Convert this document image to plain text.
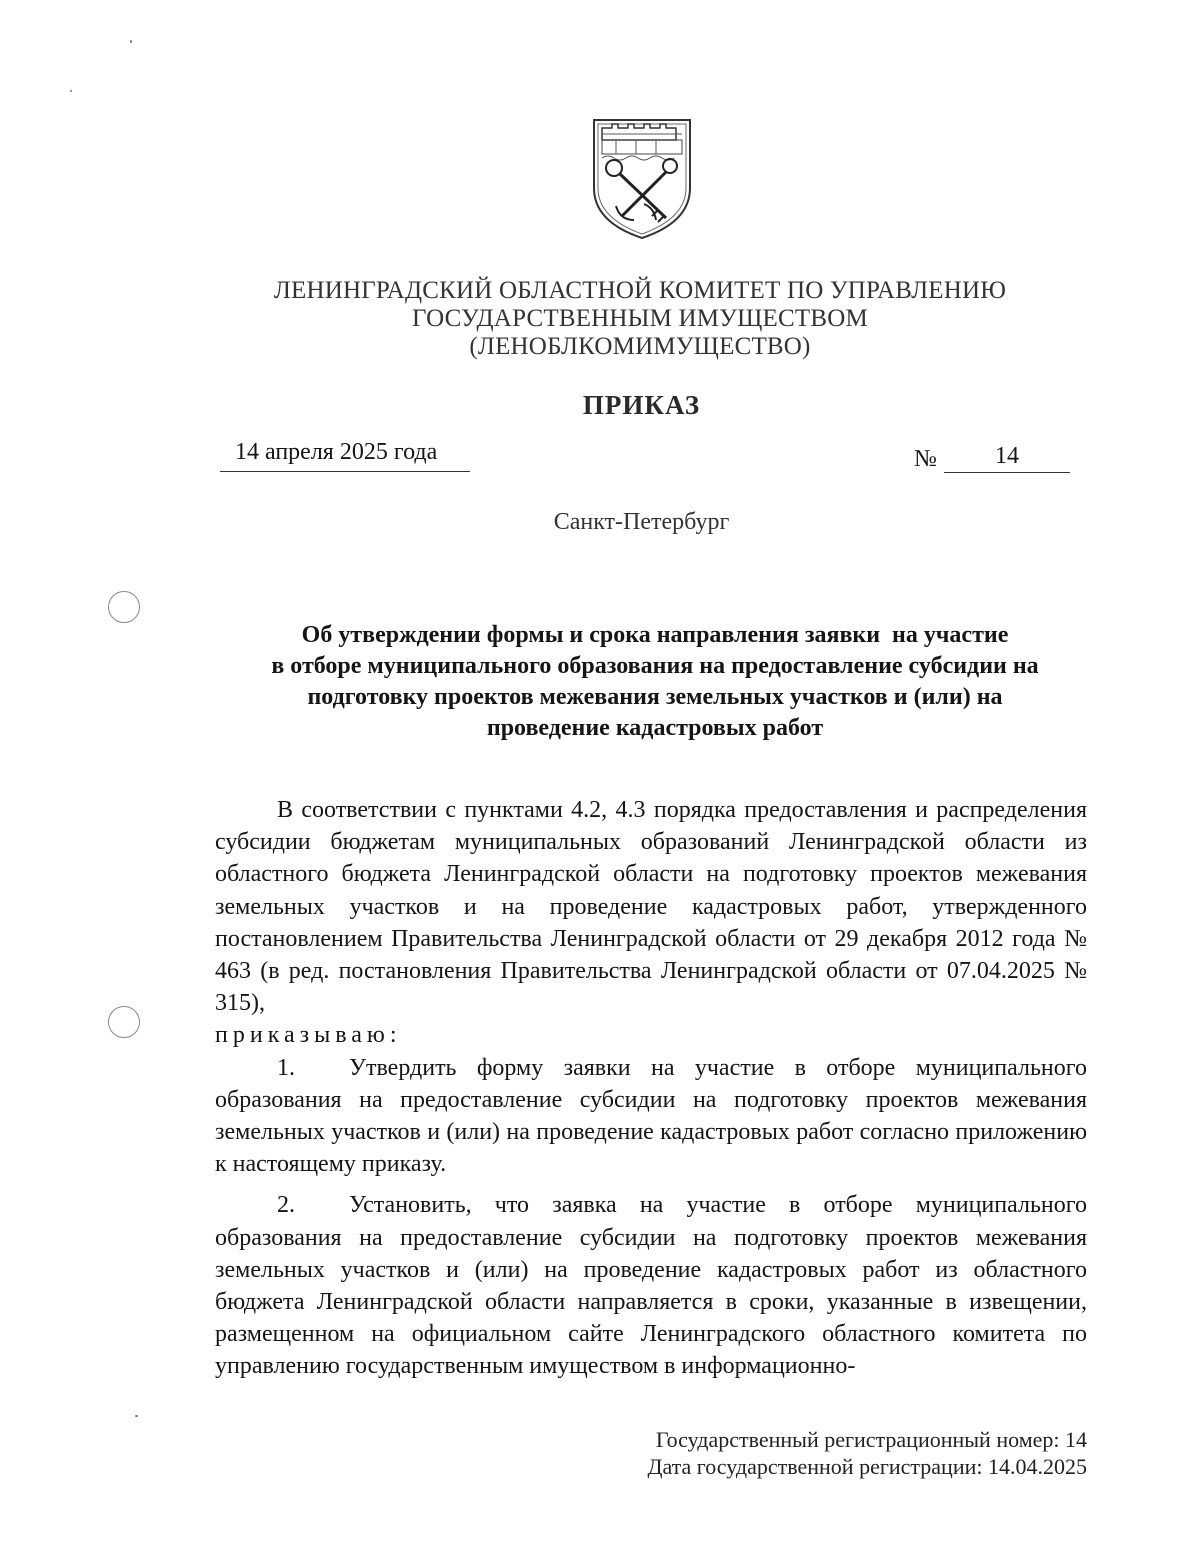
ЛЕНИНГРАДСКИЙ ОБЛАСТНОЙ КОМИТЕТ ПО УПРАВЛЕНИЮ
ГОСУДАРСТВЕННЫМ ИМУЩЕСТВОМ
(ЛЕНОБЛКОМИМУЩЕСТВО)
ПРИКАЗ
14 апреля 2025 года	№ 14
Санкт-Петербург
Об утверждении формы и срока направления заявки  на участие
в отборе муниципального образования на предоставление субсидии на
подготовку проектов межевания земельных участков и (или) на
проведение кадастровых работ

В соответствии с пунктами 4.2, 4.3 порядка предоставления и распределения субсидии бюджетам муниципальных образований Ленинградской области из областного бюджета Ленинградской области на подготовку проектов межевания земельных участков и на проведение кадастровых работ, утвержденного постановлением Правительства Ленинградской области от 29 декабря 2012 года № 463 (в ред. постановления Правительства Ленинградской области от 07.04.2025 № 315),

приказываю:

1. Утвердить форму заявки на участие в отборе муниципального образования на предоставление субсидии на подготовку проектов межевания земельных участков и (или) на проведение кадастровых работ согласно приложению к настоящему приказу.

2. Установить, что заявка на участие в отборе муниципального образования на предоставление субсидии на подготовку проектов межевания земельных участков и (или) на проведение кадастровых работ из областного бюджета Ленинградской области направляется в сроки, указанные в извещении, размещенном на официальном сайте Ленинградского областного комитета по управлению государственным имуществом в информационно-

Государственный регистрационный номер: 14
Дата государственной регистрации: 14.04.2025
